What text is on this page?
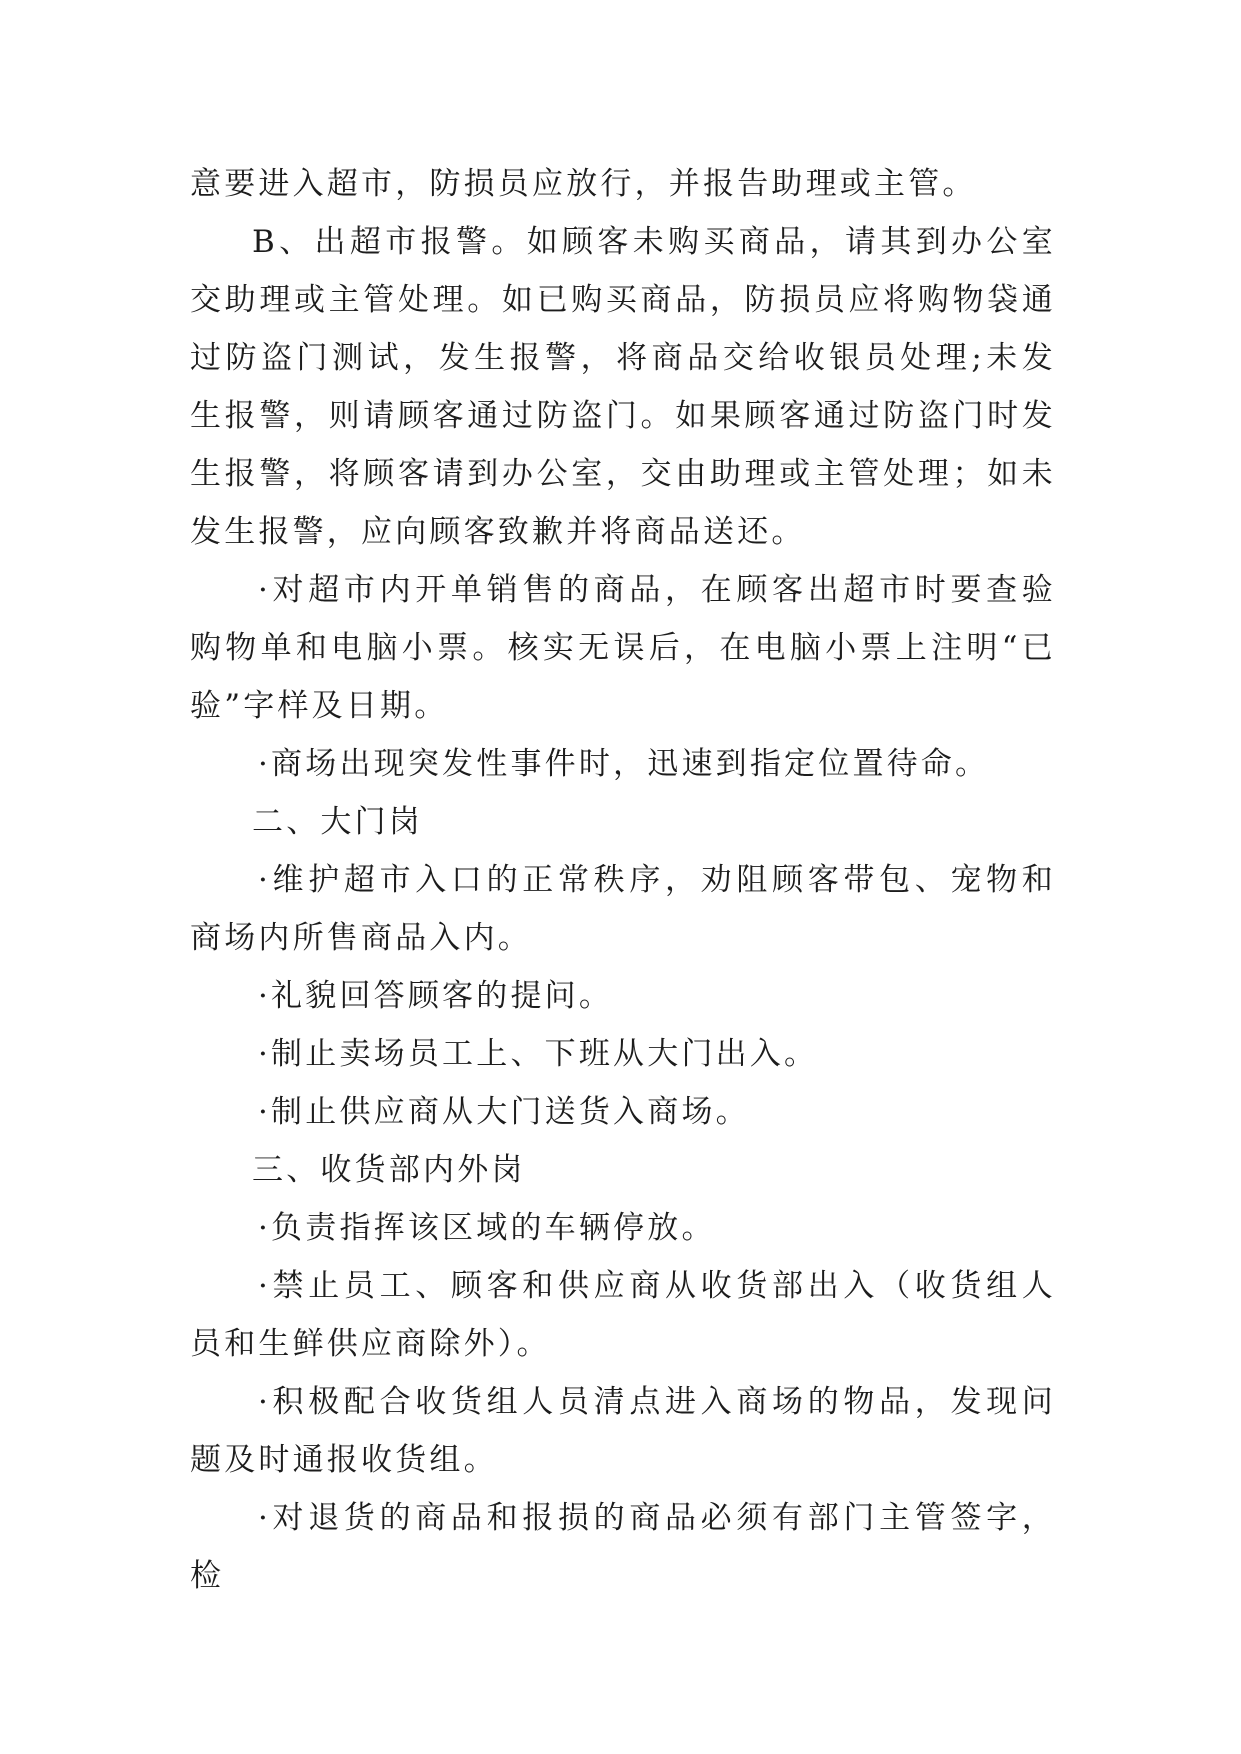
意要进入超市，防损员应放行，并报告助理或主管。

B、出超市报警。如顾客未购买商品，请其到办公室交助理或主管处理。如已购买商品，防损员应将购物袋通过防盗门测试，发生报警，将商品交给收银员处理;未发生报警，则请顾客通过防盗门。如果顾客通过防盗门时发生报警，将顾客请到办公室，交由助理或主管处理；如未发生报警，应向顾客致歉并将商品送还。

·对超市内开单销售的商品，在顾客出超市时要查验购物单和电脑小票。核实无误后，在电脑小票上注明“已验”字样及日期。

·商场出现突发性事件时，迅速到指定位置待命。

二、大门岗

·维护超市入口的正常秩序，劝阻顾客带包、宠物和商场内所售商品入内。

·礼貌回答顾客的提问。

·制止卖场员工上、下班从大门出入。

·制止供应商从大门送货入商场。

三、收货部内外岗

·负责指挥该区域的车辆停放。

·禁止员工、顾客和供应商从收货部出入（收货组人员和生鲜供应商除外）。

·积极配合收货组人员清点进入商场的物品，发现问题及时通报收货组。

·对退货的商品和报损的商品必须有部门主管签字，检
